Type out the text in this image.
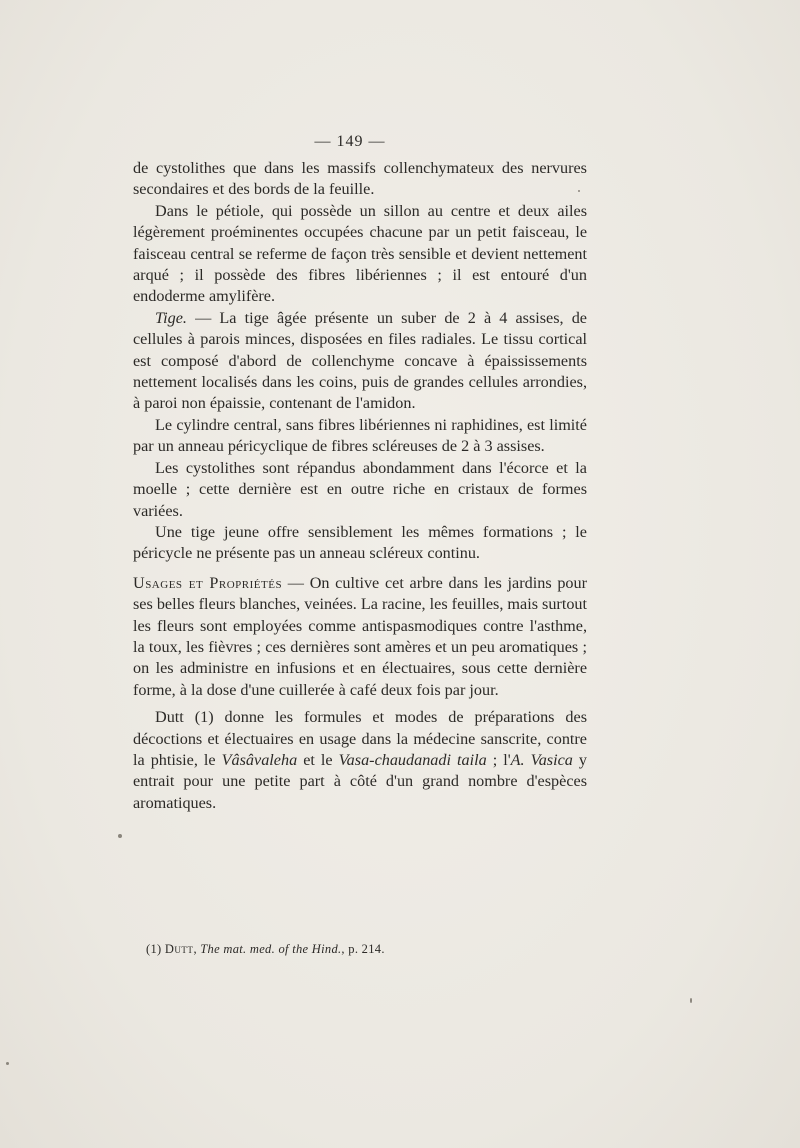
— 149 —

de cystolithes que dans les massifs collenchymateux des nervures secondaires et des bords de la feuille.

Dans le pétiole, qui possède un sillon au centre et deux ailes légèrement proéminentes occupées chacune par un petit faisceau, le faisceau central se referme de façon très sensible et devient nettement arqué ; il possède des fibres libériennes ; il est entouré d'un endoderme amylifère.

Tige. — La tige âgée présente un suber de 2 à 4 assises, de cellules à parois minces, disposées en files radiales. Le tissu cortical est composé d'abord de collenchyme concave à épaississements nettement localisés dans les coins, puis de grandes cellules arrondies, à paroi non épaissie, contenant de l'amidon.

Le cylindre central, sans fibres libériennes ni raphidines, est limité par un anneau péricyclique de fibres scléreuses de 2 à 3 assises.

Les cystolithes sont répandus abondamment dans l'écorce et la moelle ; cette dernière est en outre riche en cristaux de formes variées.

Une tige jeune offre sensiblement les mêmes formations ; le péricycle ne présente pas un anneau scléreux continu.

Usages et Propriétés — On cultive cet arbre dans les jardins pour ses belles fleurs blanches, veinées. La racine, les feuilles, mais surtout les fleurs sont employées comme antispasmodiques contre l'asthme, la toux, les fièvres ; ces dernières sont amères et un peu aromatiques ; on les administre en infusions et en électuaires, sous cette dernière forme, à la dose d'une cuillerée à café deux fois par jour.

Dutt (1) donne les formules et modes de préparations des décoctions et électuaires en usage dans la médecine sanscrite, contre la phtisie, le Vâsâvaleha et le Vasa-chaudanadi taila ; l'A. Vasica y entrait pour une petite part à côté d'un grand nombre d'espèces aromatiques.

(1) Dutt, The mat. med. of the Hind., p. 214.
